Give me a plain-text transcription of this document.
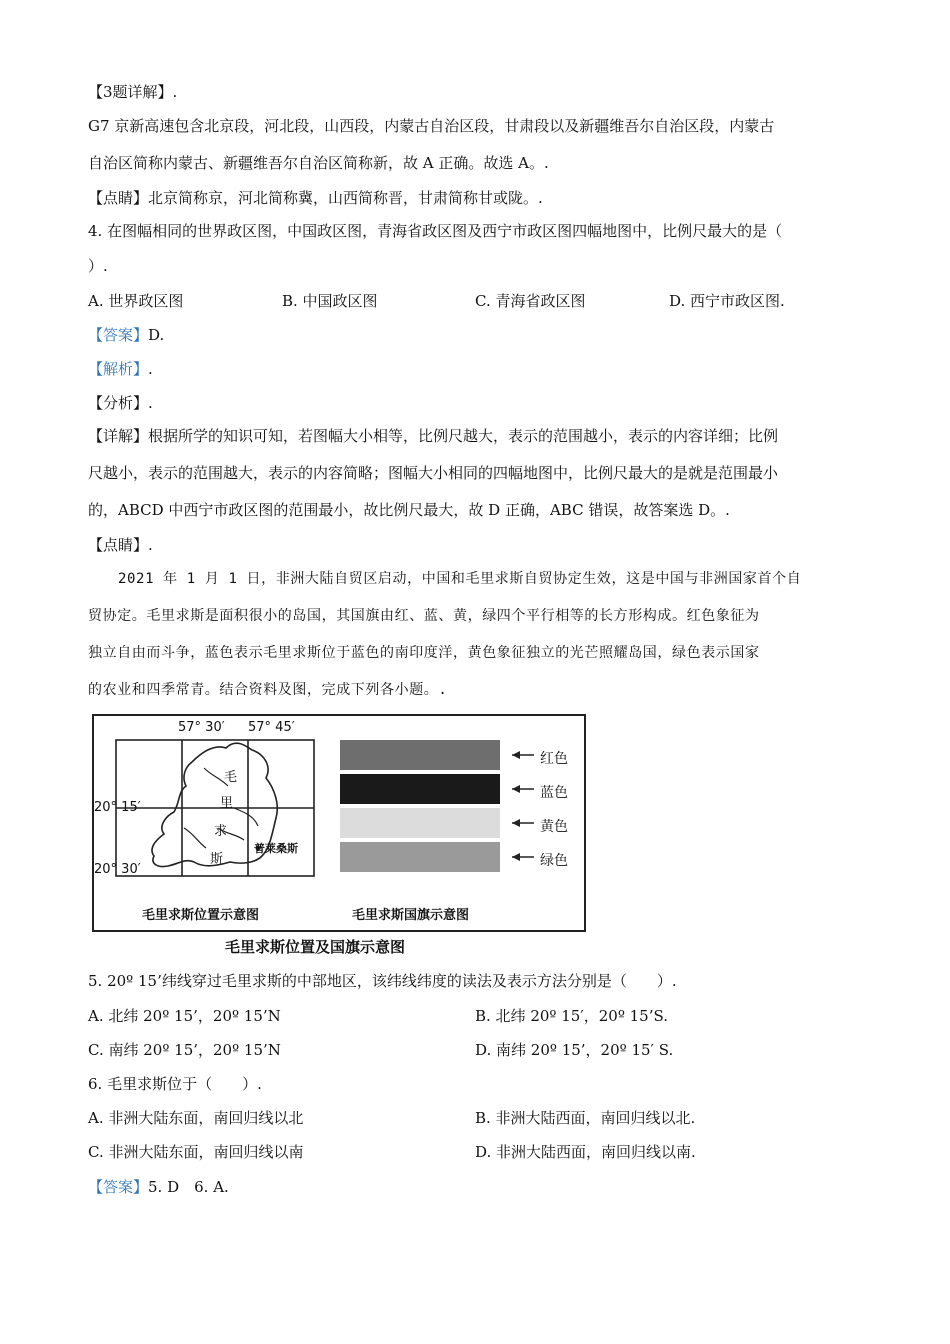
【3题详解】.
G7 京新高速包含北京段，河北段，山西段，内蒙古自治区段，甘肃段以及新疆维吾尔自治区段，内蒙古
自治区简称内蒙古、新疆维吾尔自治区简称新，故 A 正确。故选 A。.
【点睛】北京简称京，河北简称冀，山西简称晋，甘肃简称甘或陇。.
4. 在图幅相同的世界政区图，中国政区图，青海省政区图及西宁市政区图四幅地图中，比例尺最大的是（
）.
A. 世界政区图	B. 中国政区图	C. 青海省政区图	D. 西宁市政区图.
【答案】D.
【解析】.
【分析】.
【详解】根据所学的知识可知，若图幅大小相等，比例尺越大，表示的范围越小，表示的内容详细；比例
尺越小，表示的范围越大，表示的内容简略；图幅大小相同的四幅地图中，比例尺最大的是就是范围最小
的，ABCD 中西宁市政区图的范围最小，故比例尺最大，故 D 正确，ABC 错误，故答案选 D。.
【点睛】.
2021 年 1 月 1 日，非洲大陆自贸区启动，中国和毛里求斯自贸协定生效，这是中国与非洲国家首个自
贸协定。毛里求斯是面积很小的岛国，其国旗由红、蓝、黄，绿四个平行相等的长方形构成。红色象征为
独立自由而斗争，蓝色表示毛里求斯位于蓝色的南印度洋，黄色象征独立的光芒照耀岛国，绿色表示国家
的农业和四季常青。结合资料及图，完成下列各小题。.
57° 30′ 57° 45′
20° 15′
20° 30′
毛
里
求
斯
普莱桑斯
毛里求斯位置示意图	毛里求斯国旗示意图
红色
蓝色
黄色
绿色
毛里求斯位置及国旗示意图
5. 20º 15’纬线穿过毛里求斯的中部地区，该纬线纬度的读法及表示方法分别是（　　）.
A. 北纬 20º 15’，20º 15’N	B. 北纬 20º 15′，20º 15’S.
C. 南纬 20º 15’，20º 15’N	D. 南纬 20º 15’，20º 15′ S.
6. 毛里求斯位于（　　）.
A. 非洲大陆东面，南回归线以北	B. 非洲大陆西面，南回归线以北.
C. 非洲大陆东面，南回归线以南	D. 非洲大陆西面，南回归线以南.
【答案】5. D　6. A.
